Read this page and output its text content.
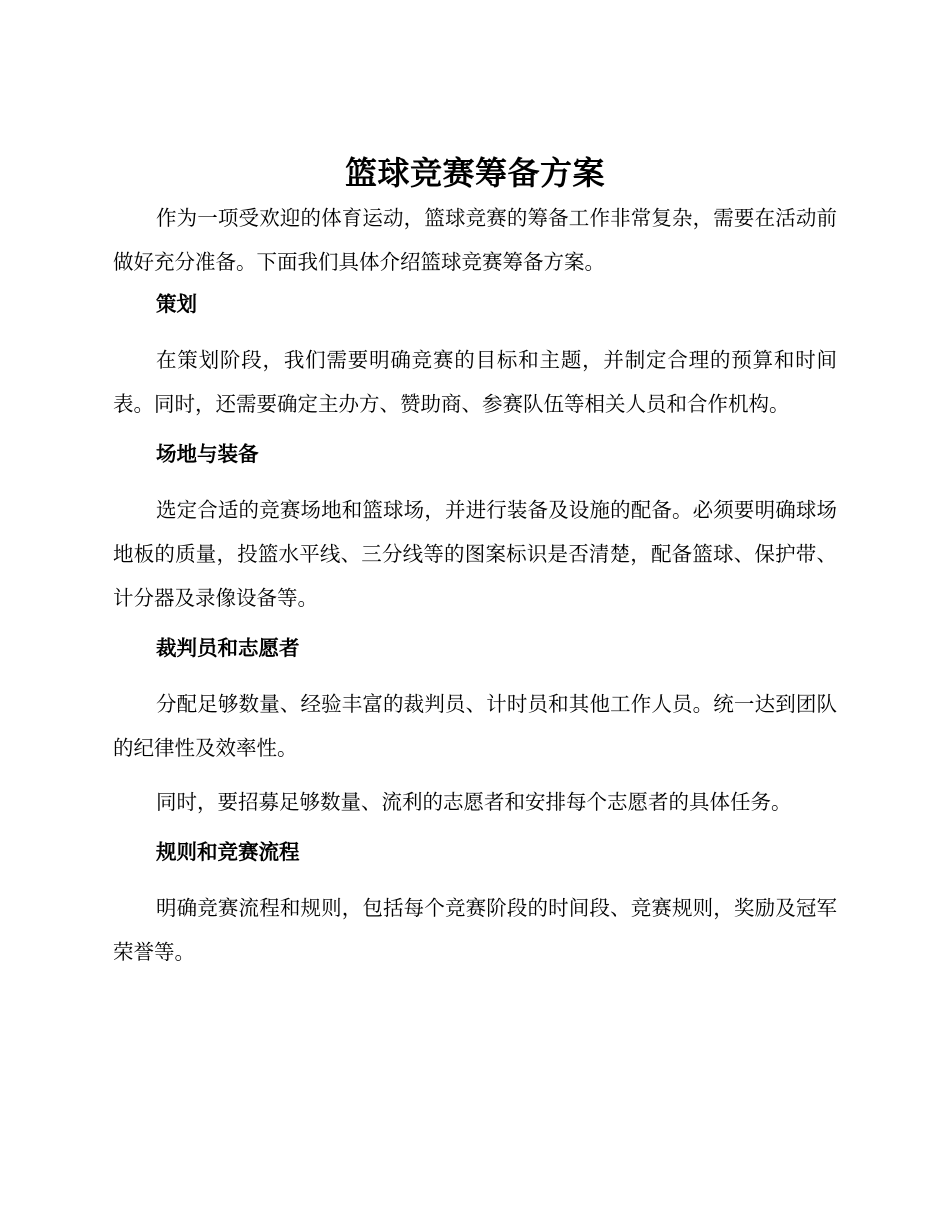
篮球竞赛筹备方案

作为一项受欢迎的体育运动，篮球竞赛的筹备工作非常复杂，需要在活动前做好充分准备。下面我们具体介绍篮球竞赛筹备方案。

策划

在策划阶段，我们需要明确竞赛的目标和主题，并制定合理的预算和时间表。同时，还需要确定主办方、赞助商、参赛队伍等相关人员和合作机构。

场地与装备

选定合适的竞赛场地和篮球场，并进行装备及设施的配备。必须要明确球场地板的质量，投篮水平线、三分线等的图案标识是否清楚，配备篮球、保护带、计分器及录像设备等。

裁判员和志愿者

分配足够数量、经验丰富的裁判员、计时员和其他工作人员。统一达到团队的纪律性及效率性。

同时，要招募足够数量、流利的志愿者和安排每个志愿者的具体任务。

规则和竞赛流程

明确竞赛流程和规则，包括每个竞赛阶段的时间段、竞赛规则，奖励及冠军荣誉等。
